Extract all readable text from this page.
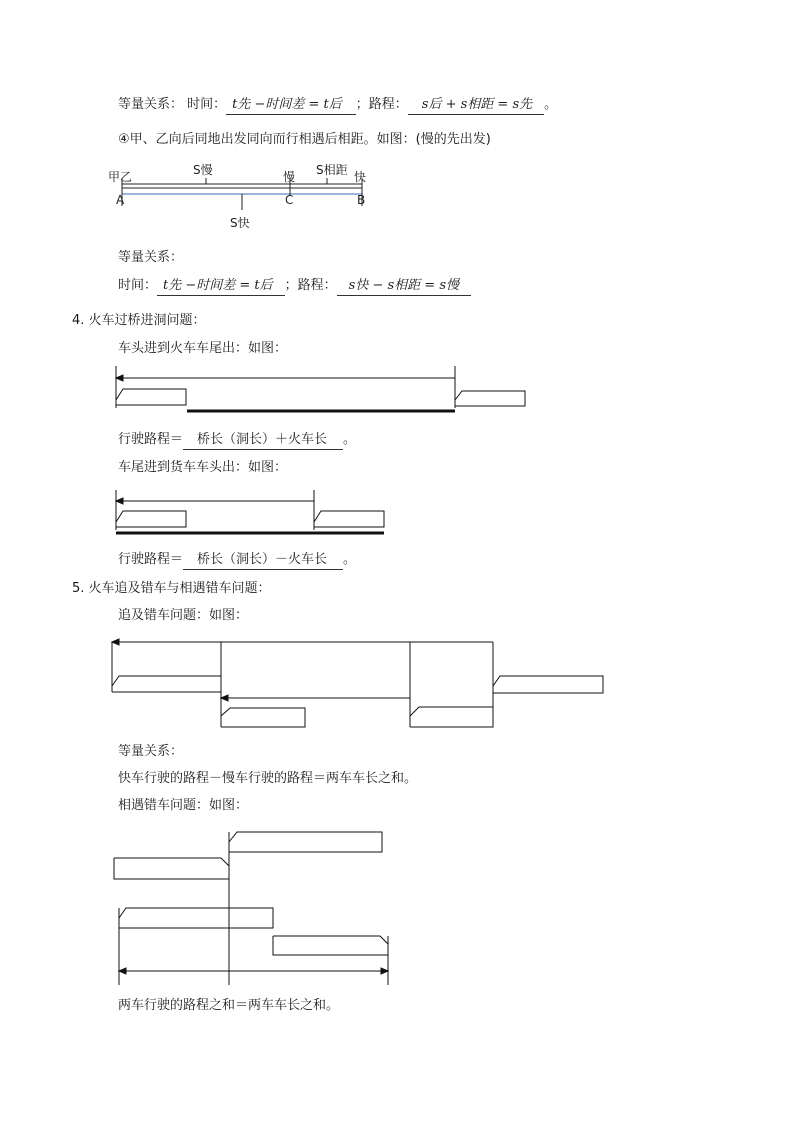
等量关系： 时间： t先 −时间差 = t后 ；路程： s后 + s相距 = s先 。
④甲、乙向后同地出发同向而行相遇后相距。如图：(慢的先出发)
甲乙	S慢	慢 S相距 快
A	C	B
S快
等量关系：
时间： t先 −时间差 = t后 ；路程： s快 − s相距 = s慢
4. 火车过桥进洞问题：
车头进到火车车尾出：如图：
行驶路程＝ 桥长（洞长）＋火车长 。
车尾进到货车车头出：如图：
行驶路程＝ 桥长（洞长）－火车长 。
5. 火车追及错车与相遇错车问题：
追及错车问题：如图：
等量关系：
快车行驶的路程－慢车行驶的路程＝两车车长之和。
相遇错车问题：如图：
两车行驶的路程之和＝两车车长之和。
